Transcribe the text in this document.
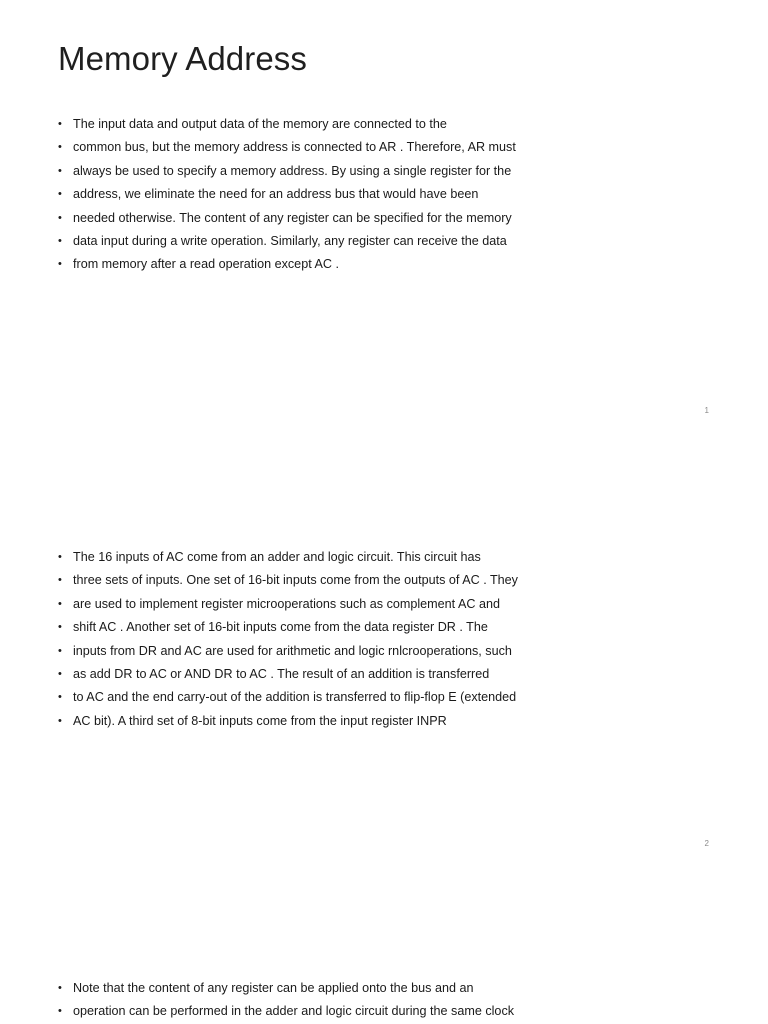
Memory Address
• The input data and output data of the memory are connected to the
• common bus, but the memory address is connected to AR . Therefore, AR must
• always be used to specify a memory address. By using a single register for the
• address, we eliminate the need for an address bus that would have been
• needed otherwise. The content of any register can be specified for the memory
• data input during a write operation. Similarly, any register can receive the data
• from memory after a read operation except AC .
1
• The 16 inputs of AC come from an adder and logic circuit. This circuit has
• three sets of inputs. One set of 16-bit inputs come from the outputs of AC . They
• are used to implement register microoperations such as complement AC and
• shift AC . Another set of 16-bit inputs come from the data register DR . The
• inputs from DR and AC are used for arithmetic and logic rnlcrooperations, such
• as add DR to AC or AND DR to AC . The result of an addition is transferred
• to AC and the end carry-out of the addition is transferred to flip-flop E (extended
• AC bit). A third set of 8-bit inputs come from the input register INPR
2
• Note that the content of any register can be applied onto the bus and an
• operation can be performed in the adder and logic circuit during the same clock
